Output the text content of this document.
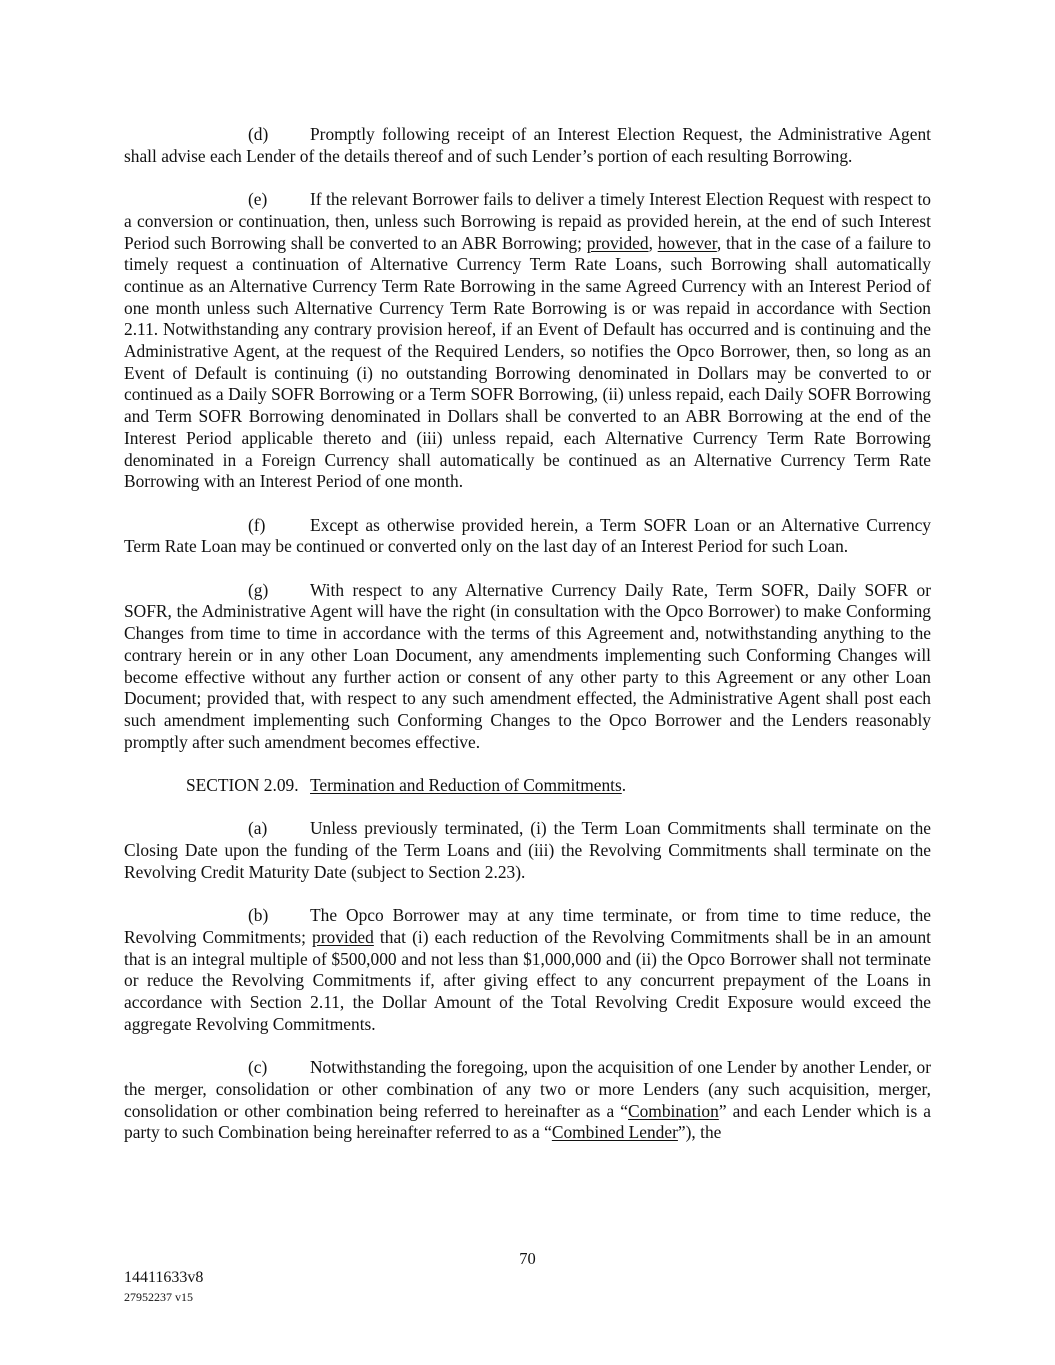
(d) Promptly following receipt of an Interest Election Request, the Administrative Agent shall advise each Lender of the details thereof and of such Lender’s portion of each resulting Borrowing.

(e) If the relevant Borrower fails to deliver a timely Interest Election Request with respect to a conversion or continuation, then, unless such Borrowing is repaid as provided herein, at the end of such Interest Period such Borrowing shall be converted to an ABR Borrowing; provided, however, that in the case of a failure to timely request a continuation of Alternative Currency Term Rate Loans, such Borrowing shall automatically continue as an Alternative Currency Term Rate Borrowing in the same Agreed Currency with an Interest Period of one month unless such Alternative Currency Term Rate Borrowing is or was repaid in accordance with Section 2.11. Notwithstanding any contrary provision hereof, if an Event of Default has occurred and is continuing and the Administrative Agent, at the request of the Required Lenders, so notifies the Opco Borrower, then, so long as an Event of Default is continuing (i) no outstanding Borrowing denominated in Dollars may be converted to or continued as a Daily SOFR Borrowing or a Term SOFR Borrowing, (ii) unless repaid, each Daily SOFR Borrowing and Term SOFR Borrowing denominated in Dollars shall be converted to an ABR Borrowing at the end of the Interest Period applicable thereto and (iii) unless repaid, each Alternative Currency Term Rate Borrowing denominated in a Foreign Currency shall automatically be continued as an Alternative Currency Term Rate Borrowing with an Interest Period of one month.

(f)	Except as otherwise provided herein, a Term SOFR Loan or an Alternative Currency Term Rate Loan may be continued or converted only on the last day of an Interest Period for such Loan.

(g) With respect to any Alternative Currency Daily Rate, Term SOFR, Daily SOFR or SOFR, the Administrative Agent will have the right (in consultation with the Opco Borrower) to make Conforming Changes from time to time in accordance with the terms of this Agreement and, notwithstanding anything to the contrary herein or in any other Loan Document, any amendments implementing such Conforming Changes will become effective without any further action or consent of any other party to this Agreement or any other Loan Document; provided that, with respect to any such amendment effected, the Administrative Agent shall post each such amendment implementing such Conforming Changes to the Opco Borrower and the Lenders reasonably promptly after such amendment becomes effective.

SECTION 2.09. Termination and Reduction of Commitments.

(a) Unless previously terminated, (i) the Term Loan Commitments shall terminate on the Closing Date upon the funding of the Term Loans and (iii) the Revolving Commitments shall terminate on the Revolving Credit Maturity Date (subject to Section 2.23).

(b) The Opco Borrower may at any time terminate, or from time to time reduce, the Revolving Commitments; provided that (i) each reduction of the Revolving Commitments shall be in an amount that is an integral multiple of $500,000 and not less than $1,000,000 and (ii) the Opco Borrower shall not terminate or reduce the Revolving Commitments if, after giving effect to any concurrent prepayment of the Loans in accordance with Section 2.11, the Dollar Amount of the Total Revolving Credit Exposure would exceed the aggregate Revolving Commitments.

(c) Notwithstanding the foregoing, upon the acquisition of one Lender by another Lender, or the merger, consolidation or other combination of any two or more Lenders (any such acquisition, merger, consolidation or other combination being referred to hereinafter as a “Combination” and each Lender which is a party to such Combination being hereinafter referred to as a “Combined Lender”), the

70
14411633v8
27952237 v15
